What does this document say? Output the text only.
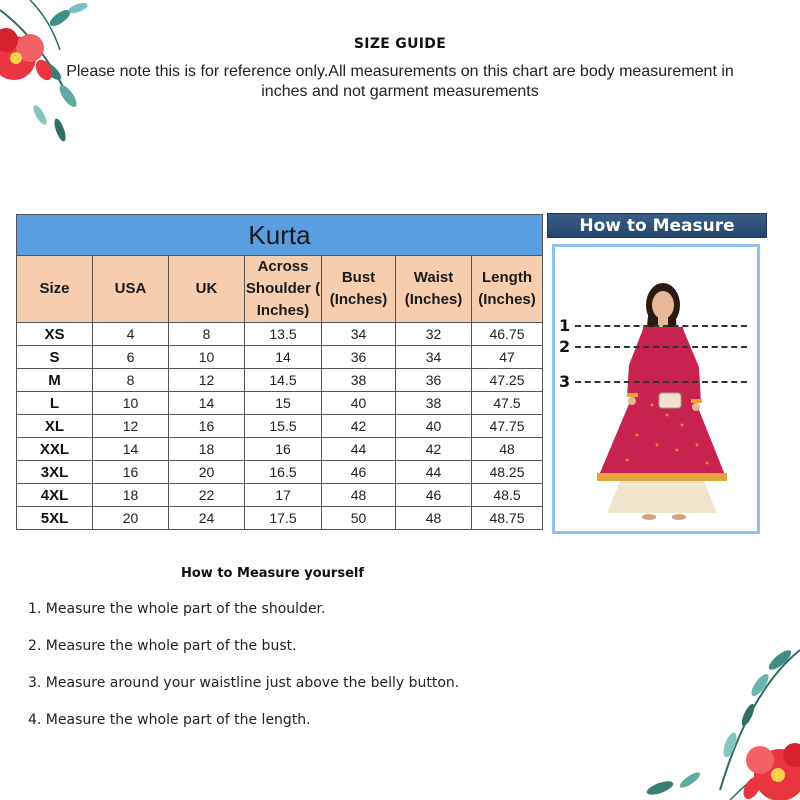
SIZE GUIDE
Please note this is for reference only.All measurements on this chart are body measurement in inches and not garment measurements
Kurta						
Size	USA	UK	Across Shoulder ( Inches)	Bust (Inches)	Waist (Inches)	Length (Inches)
XS	4	8	13.5	34	32	46.75
S	6	10	14	36	34	47
M	8	12	14.5	38	36	47.25
L	10	14	15	40	38	47.5
XL	12	16	15.5	42	40	47.75
XXL	14	18	16	44	42	48
3XL	16	20	16.5	46	44	48.25
4XL	18	22	17	48	46	48.5
5XL	20	24	17.5	50	48	48.75
How to Measure
1
2
3
How to Measure yourself
1. Measure the whole part of the shoulder.
2. Measure the whole part of the bust.
3. Measure around your waistline just above the belly button.
4. Measure the whole part of the length.
